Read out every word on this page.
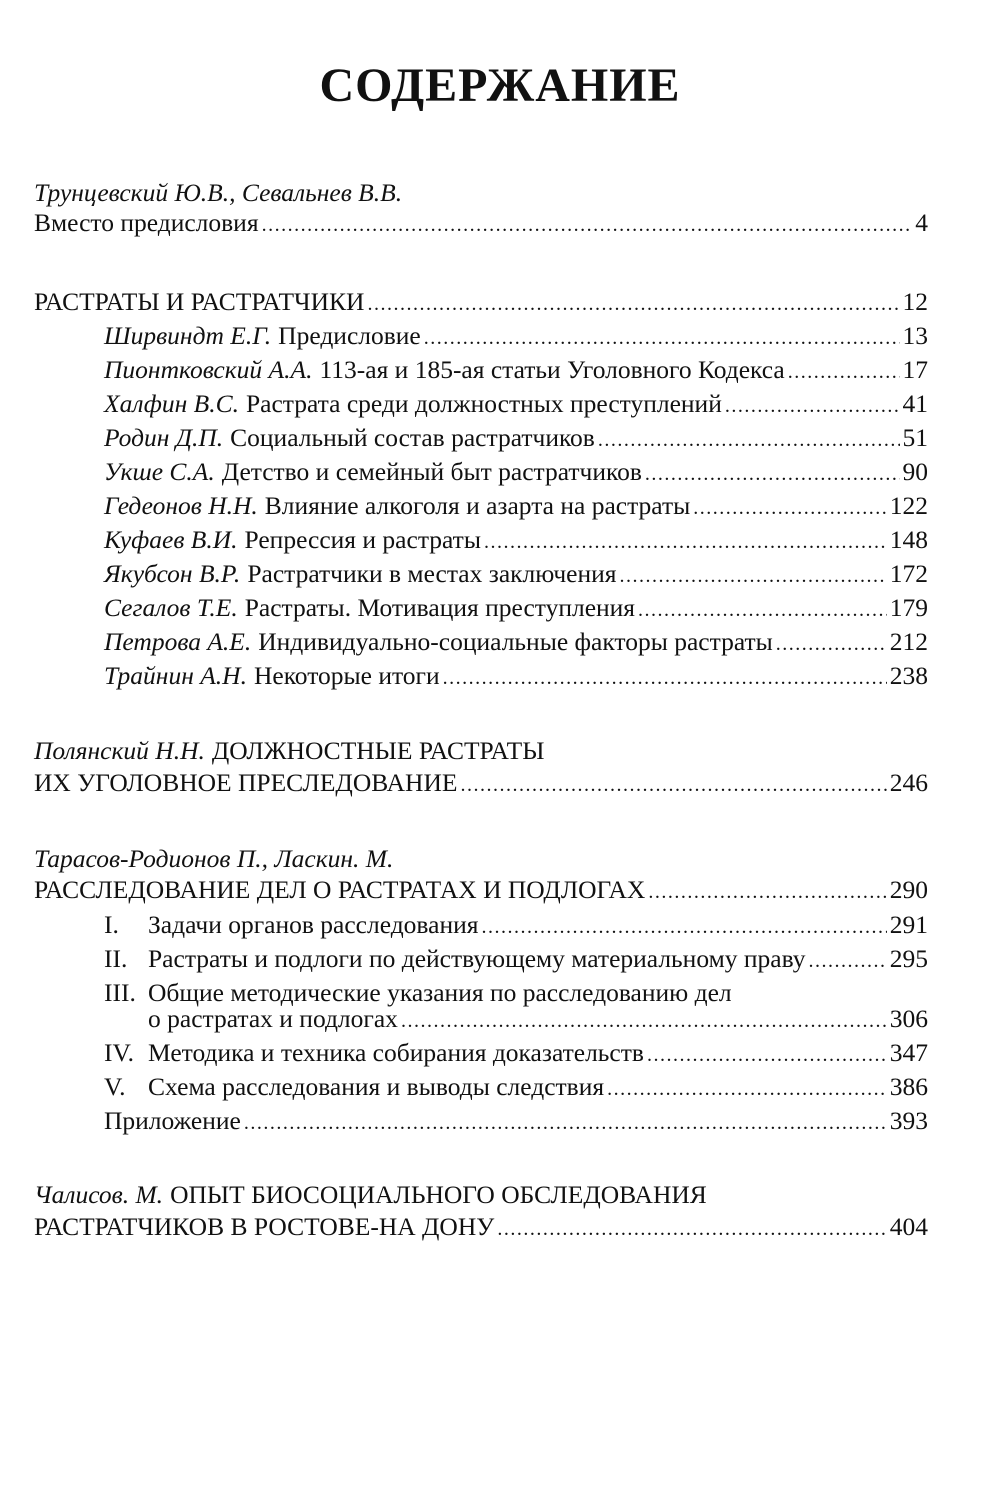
СОДЕРЖАНИЕ
Трунцевский Ю.В., Севальнев В.В.
Вместо предисловия .....	4
РАСТРАТЫ И РАСТРАТЧИКИ .....	12
Ширвиндт Е.Г. Предисловие .....	13
Пионтковский А.А. 113-ая и 185-ая статьи Уголовного Кодекса .....	17
Халфин В.С. Растрата среди должностных преступлений .....	41
Родин Д.П. Социальный состав растратчиков .....	51
Укше С.А. Детство и семейный быт растратчиков .....	90
Гедеонов Н.Н. Влияние алкоголя и азарта на растраты .....	122
Куфаев В.И. Репрессия и растраты .....	148
Якубсон В.Р. Растратчики в местах заключения .....	172
Сегалов Т.Е. Растраты. Мотивация преступления .....	179
Петрова А.Е. Индивидуально-социальные факторы растраты .....	212
Трайнин А.Н. Некоторые итоги .....	238
Полянский Н.Н. ДОЛЖНОСТНЫЕ РАСТРАТЫ
ИХ УГОЛОВНОЕ ПРЕСЛЕДОВАНИЕ .....	246
Тарасов-Родионов П., Ласкин. М.
РАССЛЕДОВАНИЕ ДЕЛ О РАСТРАТАХ И ПОДЛОГАХ .....	290
I.	Задачи органов расследования .....	291
II. Растраты и подлоги по действующему материальному праву .....	295
III. Общие методические указания по расследованию дел
о растратах и подлогах .....	306
IV. Методика и техника собирания доказательств .....	347
V. Схема расследования и выводы следствия .....	386
Приложение .....	393
Чалисов. М. ОПЫТ БИОСОЦИАЛЬНОГО ОБСЛЕДОВАНИЯ
РАСТРАТЧИКОВ В РОСТОВЕ-НА ДОНУ .....	404
